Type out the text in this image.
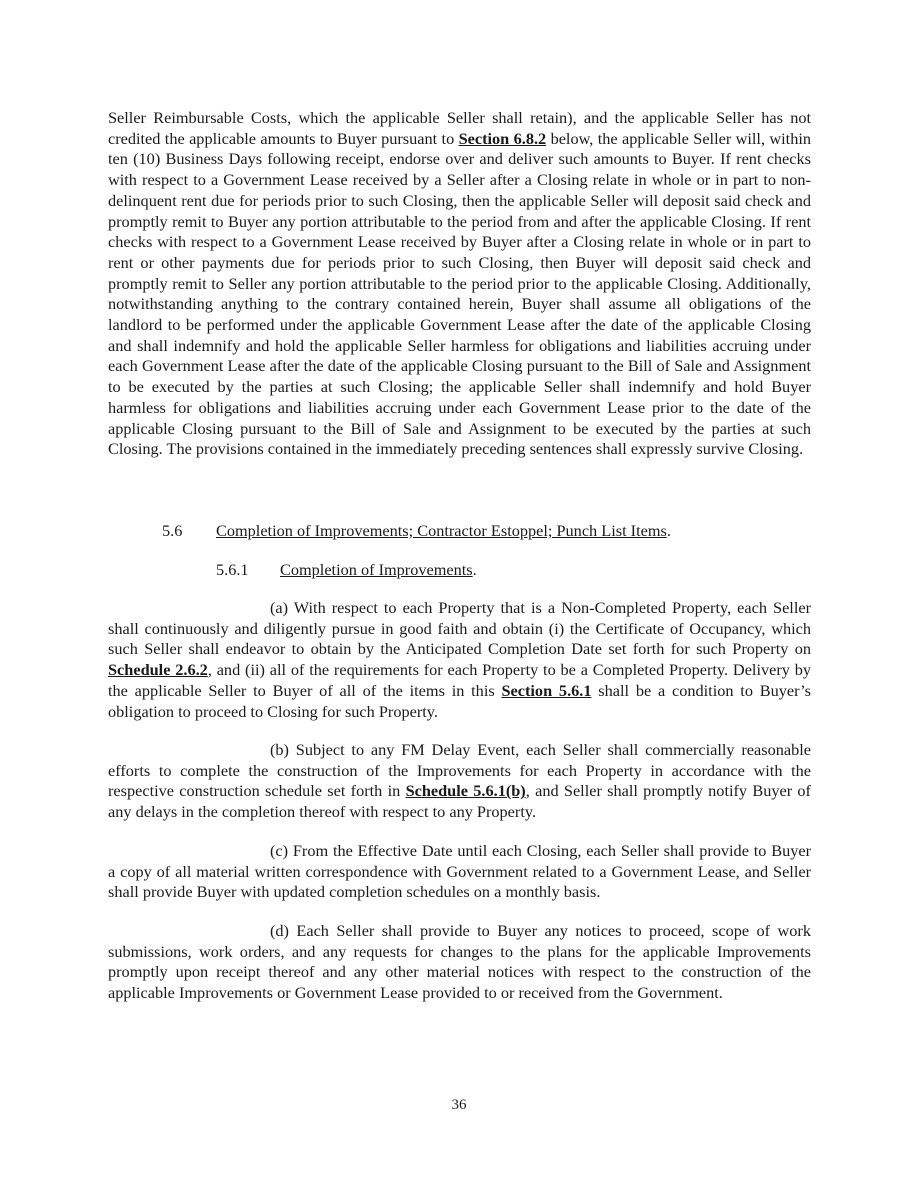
Seller Reimbursable Costs, which the applicable Seller shall retain), and the applicable Seller has not credited the applicable amounts to Buyer pursuant to Section 6.8.2 below, the applicable Seller will, within ten (10) Business Days following receipt, endorse over and deliver such amounts to Buyer. If rent checks with respect to a Government Lease received by a Seller after a Closing relate in whole or in part to non-delinquent rent due for periods prior to such Closing, then the applicable Seller will deposit said check and promptly remit to Buyer any portion attributable to the period from and after the applicable Closing. If rent checks with respect to a Government Lease received by Buyer after a Closing relate in whole or in part to rent or other payments due for periods prior to such Closing, then Buyer will deposit said check and promptly remit to Seller any portion attributable to the period prior to the applicable Closing. Additionally, notwithstanding anything to the contrary contained herein, Buyer shall assume all obligations of the landlord to be performed under the applicable Government Lease after the date of the applicable Closing and shall indemnify and hold the applicable Seller harmless for obligations and liabilities accruing under each Government Lease after the date of the applicable Closing pursuant to the Bill of Sale and Assignment to be executed by the parties at such Closing; the applicable Seller shall indemnify and hold Buyer harmless for obligations and liabilities accruing under each Government Lease prior to the date of the applicable Closing pursuant to the Bill of Sale and Assignment to be executed by the parties at such Closing. The provisions contained in the immediately preceding sentences shall expressly survive Closing.

5.6 Completion of Improvements; Contractor Estoppel; Punch List Items.
5.6.1 Completion of Improvements.

(a) With respect to each Property that is a Non-Completed Property, each Seller shall continuously and diligently pursue in good faith and obtain (i) the Certificate of Occupancy, which such Seller shall endeavor to obtain by the Anticipated Completion Date set forth for such Property on Schedule 2.6.2, and (ii) all of the requirements for each Property to be a Completed Property. Delivery by the applicable Seller to Buyer of all of the items in this Section 5.6.1 shall be a condition to Buyer’s obligation to proceed to Closing for such Property.

(b) Subject to any FM Delay Event, each Seller shall commercially reasonable efforts to complete the construction of the Improvements for each Property in accordance with the respective construction schedule set forth in Schedule 5.6.1(b), and Seller shall promptly notify Buyer of any delays in the completion thereof with respect to any Property.

(c) From the Effective Date until each Closing, each Seller shall provide to Buyer a copy of all material written correspondence with Government related to a Government Lease, and Seller shall provide Buyer with updated completion schedules on a monthly basis.

(d) Each Seller shall provide to Buyer any notices to proceed, scope of work submissions, work orders, and any requests for changes to the plans for the applicable Improvements promptly upon receipt thereof and any other material notices with respect to the construction of the applicable Improvements or Government Lease provided to or received from the Government.

36
